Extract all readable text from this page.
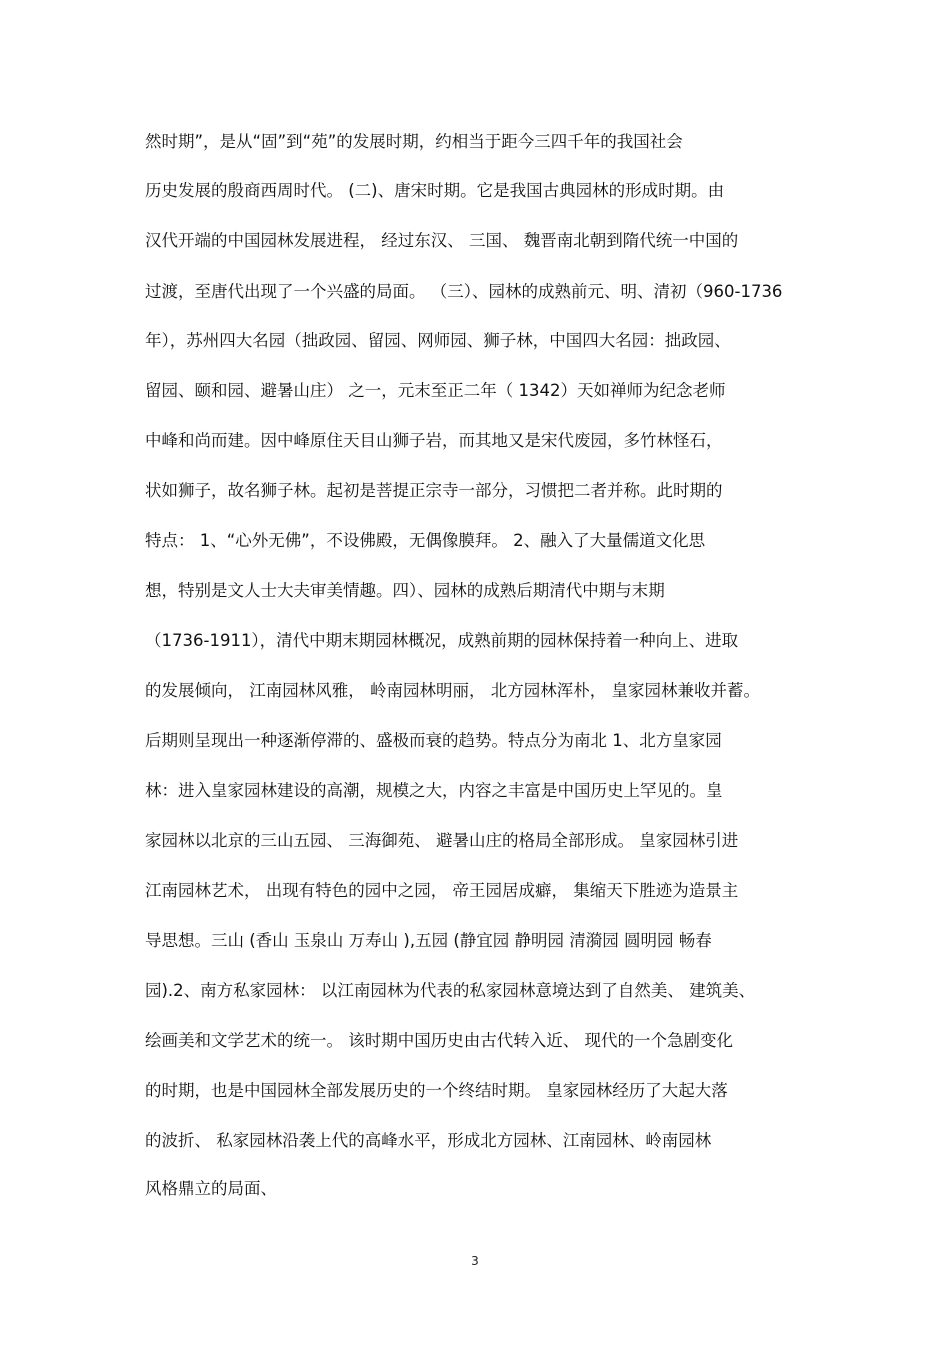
然时期”，是从“固”到“苑”的发展时期，约相当于距今三四千年的我国社会
历史发展的殷商西周时代。 (二)、唐宋时期。它是我国古典园林的形成时期。由
汉代开端的中国园林发展进程， 经过东汉、 三国、 魏晋南北朝到隋代统一中国的
过渡，至唐代出现了一个兴盛的局面。 （三）、园林的成熟前元、明、清初（960-1736
年），苏州四大名园（拙政园、留园、网师园、狮子林，中国四大名园：拙政园、
留园、颐和园、避暑山庄） 之一，元末至正二年（ 1342）天如禅师为纪念老师
中峰和尚而建。因中峰原住天目山狮子岩，而其地又是宋代废园，多竹林怪石，
状如狮子，故名狮子林。起初是菩提正宗寺一部分，习惯把二者并称。此时期的
特点： 1、“心外无佛”，不设佛殿，无偶像膜拜。 2、融入了大量儒道文化思
想，特别是文人士大夫审美情趣。四）、园林的成熟后期清代中期与末期
（1736-1911），清代中期末期园林概况，成熟前期的园林保持着一种向上、进取
的发展倾向， 江南园林风雅， 岭南园林明丽， 北方园林浑朴， 皇家园林兼收并蓄。
后期则呈现出一种逐渐停滞的、盛极而衰的趋势。特点分为南北 1、北方皇家园
林：进入皇家园林建设的高潮，规模之大，内容之丰富是中国历史上罕见的。皇
家园林以北京的三山五园、 三海御苑、 避暑山庄的格局全部形成。 皇家园林引进
江南园林艺术， 出现有特色的园中之园， 帝王园居成癖， 集缩天下胜迹为造景主
导思想。三山 (香山 玉泉山 万寿山 ),五园 (静宜园 静明园 清漪园 圆明园 畅春
园).2、南方私家园林： 以江南园林为代表的私家园林意境达到了自然美、 建筑美、
绘画美和文学艺术的统一。 该时期中国历史由古代转入近、 现代的一个急剧变化
的时期，也是中国园林全部发展历史的一个终结时期。 皇家园林经历了大起大落
的波折、 私家园林沿袭上代的高峰水平，形成北方园林、江南园林、岭南园林
风格鼎立的局面、
3
